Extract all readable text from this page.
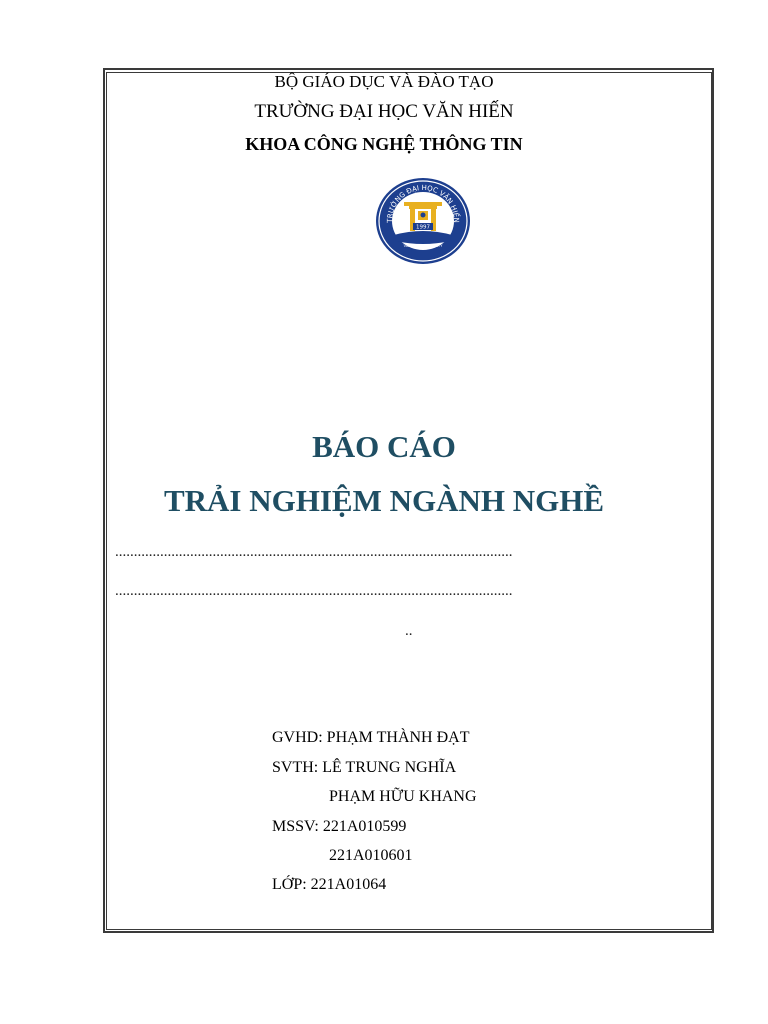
BỘ GIÁO DỤC VÀ ĐÀO TẠO
TRƯỜNG ĐẠI HỌC VĂN HIẾN
KHOA CÔNG NGHỆ THÔNG TIN
TRƯỜNG ĐẠI HỌC VĂN HIẾN
1997
VAN HIEN UNIVERSITY
BÁO CÁO
TRẢI NGHIỆM NGÀNH NGHỀ
..........................................................................................................
..........................................................................................................
..
GVHD: PHẠM THÀNH ĐẠT
SVTH: LÊ TRUNG NGHĨA
PHẠM HỮU KHANG
MSSV: 221A010599
221A010601
LỚP: 221A01064
